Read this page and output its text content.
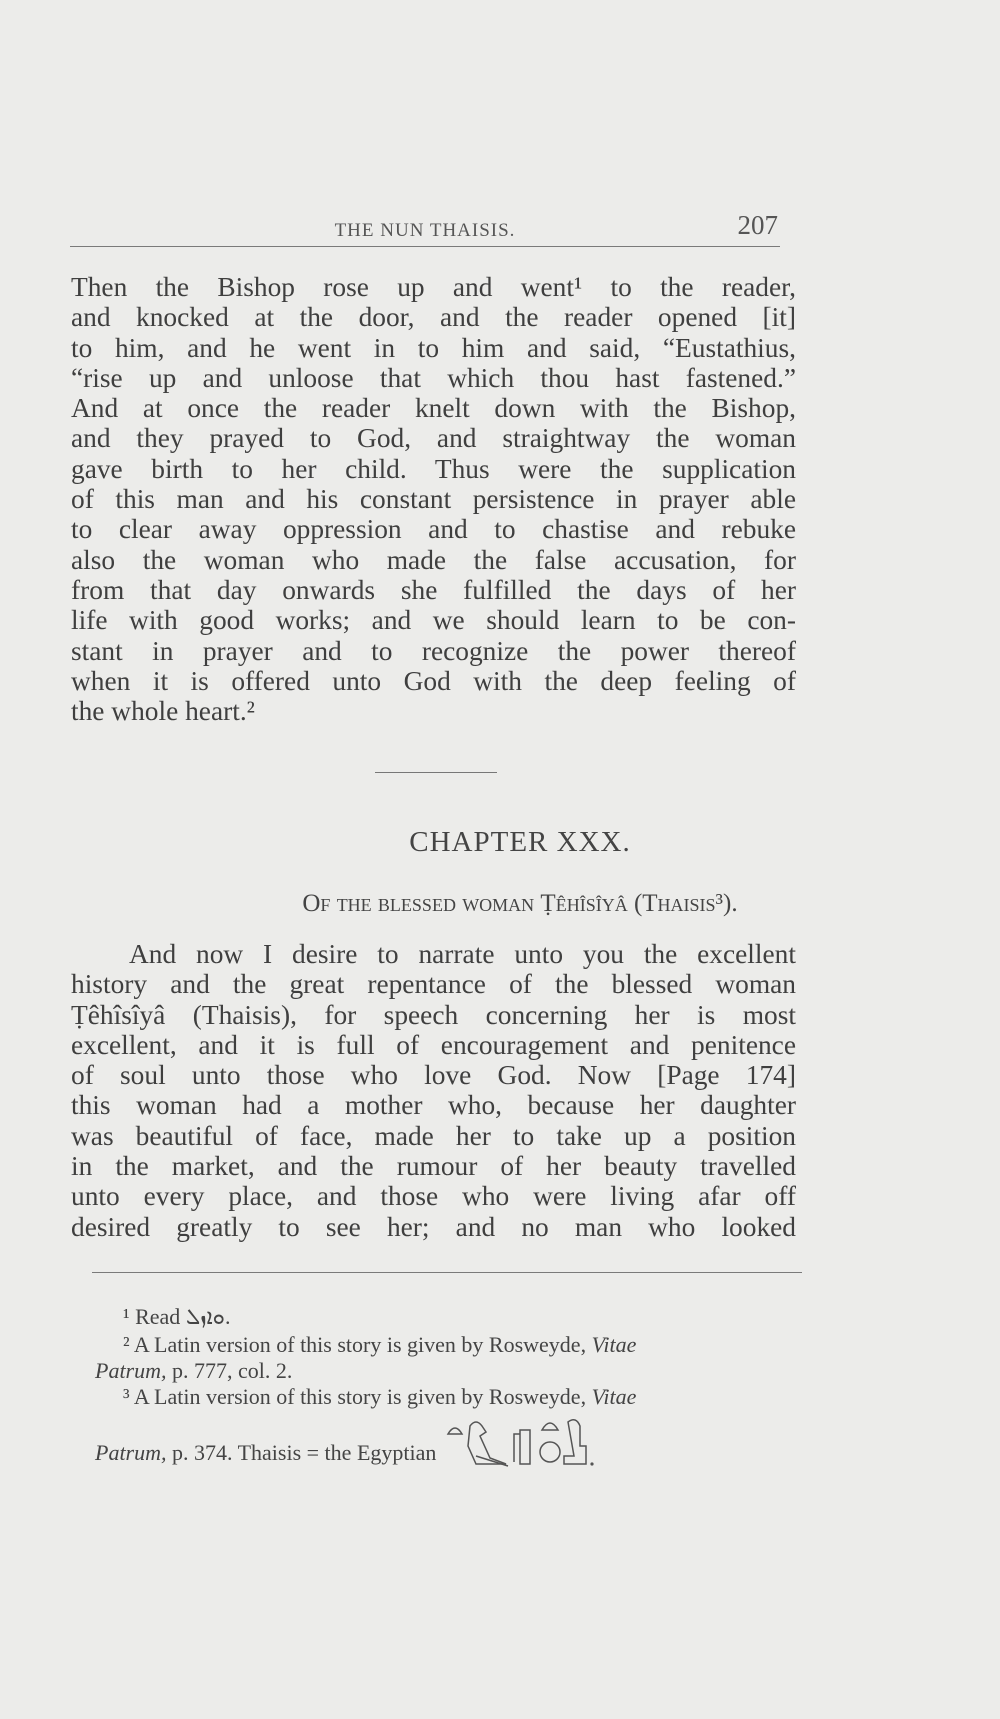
THE NUN THAISIS.	207
Then the Bishop rose up and went¹ to the reader,
and knocked at the door, and the reader opened [it]
to him, and he went in to him and said, “Eustathius,
“rise up and unloose that which thou hast fastened.”
And at once the reader knelt down with the Bishop,
and they prayed to God, and straightway the woman
gave birth to her child. Thus were the supplication
of this man and his constant persistence in prayer able
to clear away oppression and to chastise and rebuke
also the woman who made the false accusation, for
from that day onwards she fulfilled the days of her
life with good works; and we should learn to be con-
stant in prayer and to recognize the power thereof
when it is offered unto God with the deep feeling of
the whole heart.²
CHAPTER XXX.
Of the blessed woman Ṭêhîsîyâ (Thaisis³).
And now I desire to narrate unto you the excellent
history and the great repentance of the blessed woman
Ṭêhîsîyâ (Thaisis), for speech concerning her is most
excellent, and it is full of encouragement and penitence
of soul unto those who love God. Now [Page 174]
this woman had a mother who, because her daughter
was beautiful of face, made her to take up a position
in the market, and the rumour of her beauty travelled
unto every place, and those who were living afar off
desired greatly to see her; and no man who looked
¹ Read ܘܐܙܠ.
² A Latin version of this story is given by Rosweyde, Vitae
Patrum, p. 777, col. 2.
³ A Latin version of this story is given by Rosweyde, Vitae
Patrum, p. 374. Thaisis = the Egyptian
